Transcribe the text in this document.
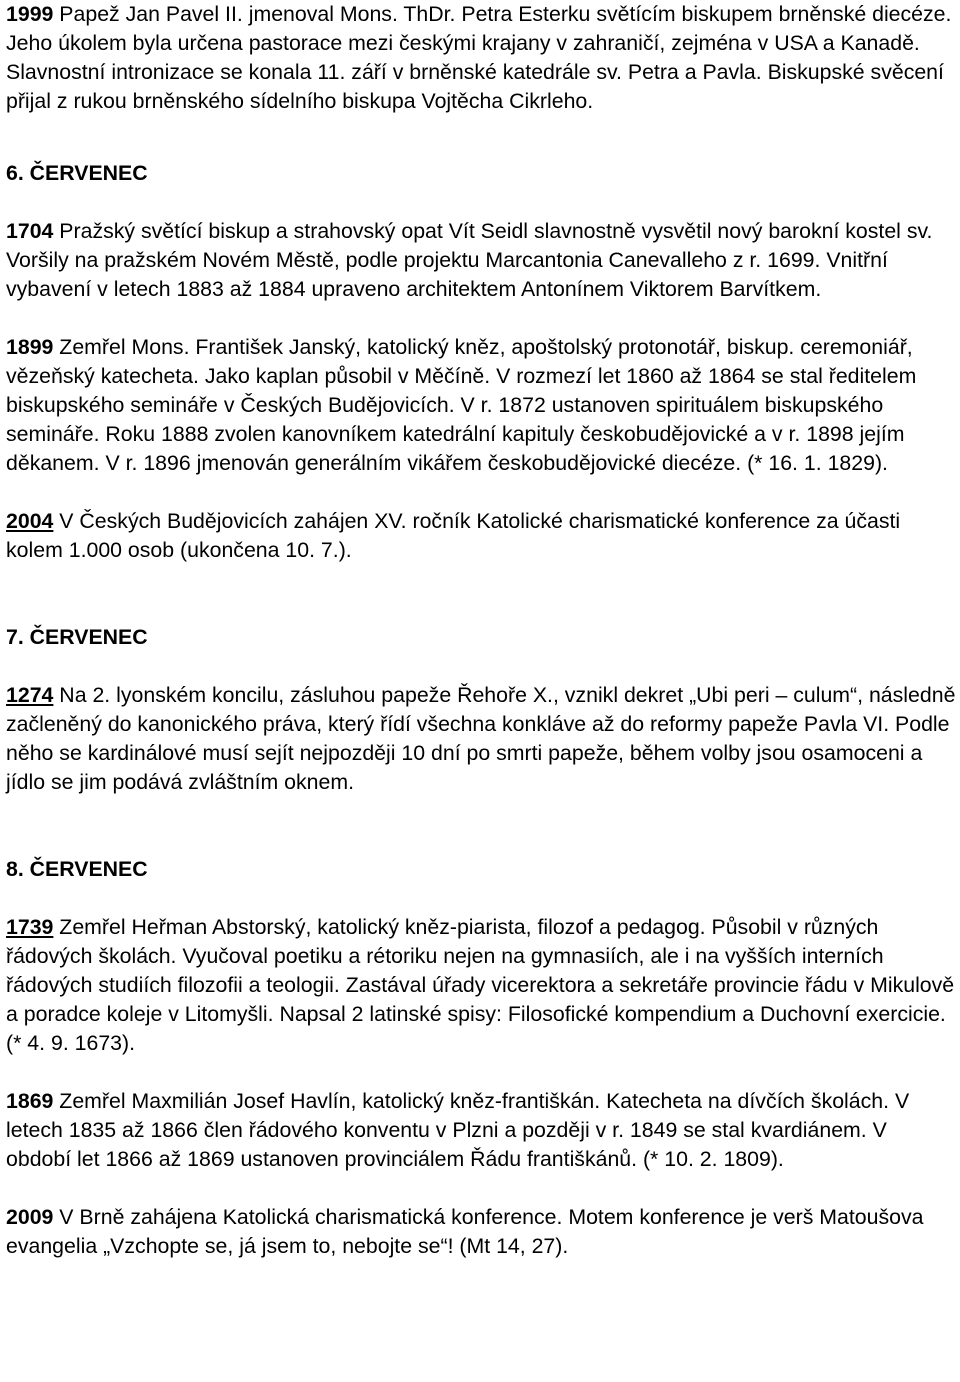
1999 Papež Jan Pavel II. jmenoval Mons. ThDr. Petra Esterku světícím biskupem brněnské diecéze. Jeho úkolem byla určena pastorace mezi českými krajany v zahraničí, zejména v USA a Kanadě. Slavnostní intronizace se konala 11. září v brněnské katedrále sv. Petra a Pavla. Biskupské svěcení přijal z rukou brněnského sídelního biskupa Vojtěcha Cikrleho.

6. ČERVENEC

1704 Pražský světící biskup a strahovský opat Vít Seidl slavnostně vysvětil nový barokní kostel sv. Voršily na pražském Novém Městě, podle projektu Marcantonia Canevalleho z r. 1699. Vnitřní vybavení v letech 1883 až 1884 upraveno architektem Antonínem Viktorem Barvítkem.

1899 Zemřel Mons. František Janský, katolický kněz, apoštolský protonotář, biskup. ceremoniář, vězeňský katecheta. Jako kaplan působil v Měčíně. V rozmezí let 1860 až 1864 se stal ředitelem biskupského semináře v Českých Budějovicích. V r. 1872 ustanoven spirituálem biskupského semináře. Roku 1888 zvolen kanovníkem katedrální kapituly českobudějovické a v r. 1898 jejím děkanem. V r. 1896 jmenován generálním vikářem českobudějovické diecéze. (* 16. 1. 1829).

2004 V Českých Budějovicích zahájen XV. ročník Katolické charismatické konference za účasti kolem 1.000 osob (ukončena 10. 7.).

7. ČERVENEC

1274 Na 2. lyonském koncilu, zásluhou papeže Řehoře X., vznikl dekret „Ubi peri – culum“, následně začleněný do kanonického práva, který řídí všechna konkláve až do reformy papeže Pavla VI. Podle něho se kardinálové musí sejít nejpozději 10 dní po smrti papeže, během volby jsou osamoceni a jídlo se jim podává zvláštním oknem.

8. ČERVENEC

1739 Zemřel Heřman Abstorský, katolický kněz-piarista, filozof a pedagog. Působil v různých řádových školách. Vyučoval poetiku a rétoriku nejen na gymnasiích, ale i na vyšších interních řádových studiích filozofii a teologii. Zastával úřady vicerektora a sekretáře provincie řádu v Mikulově a poradce koleje v Litomyšli. Napsal 2 latinské spisy: Filosofické kompendium a Duchovní exercicie. (* 4. 9. 1673).

1869 Zemřel Maxmilián Josef Havlín, katolický kněz-františkán. Katecheta na dívčích školách. V letech 1835 až 1866 člen řádového konventu v Plzni a později v r. 1849 se stal kvardiánem. V období let 1866 až 1869 ustanoven provinciálem Řádu františkánů. (* 10. 2. 1809).

2009 V Brně zahájena Katolická charismatická konference. Motem konference je verš Matoušova evangelia „Vzchopte se, já jsem to, nebojte se“! (Mt 14, 27).
